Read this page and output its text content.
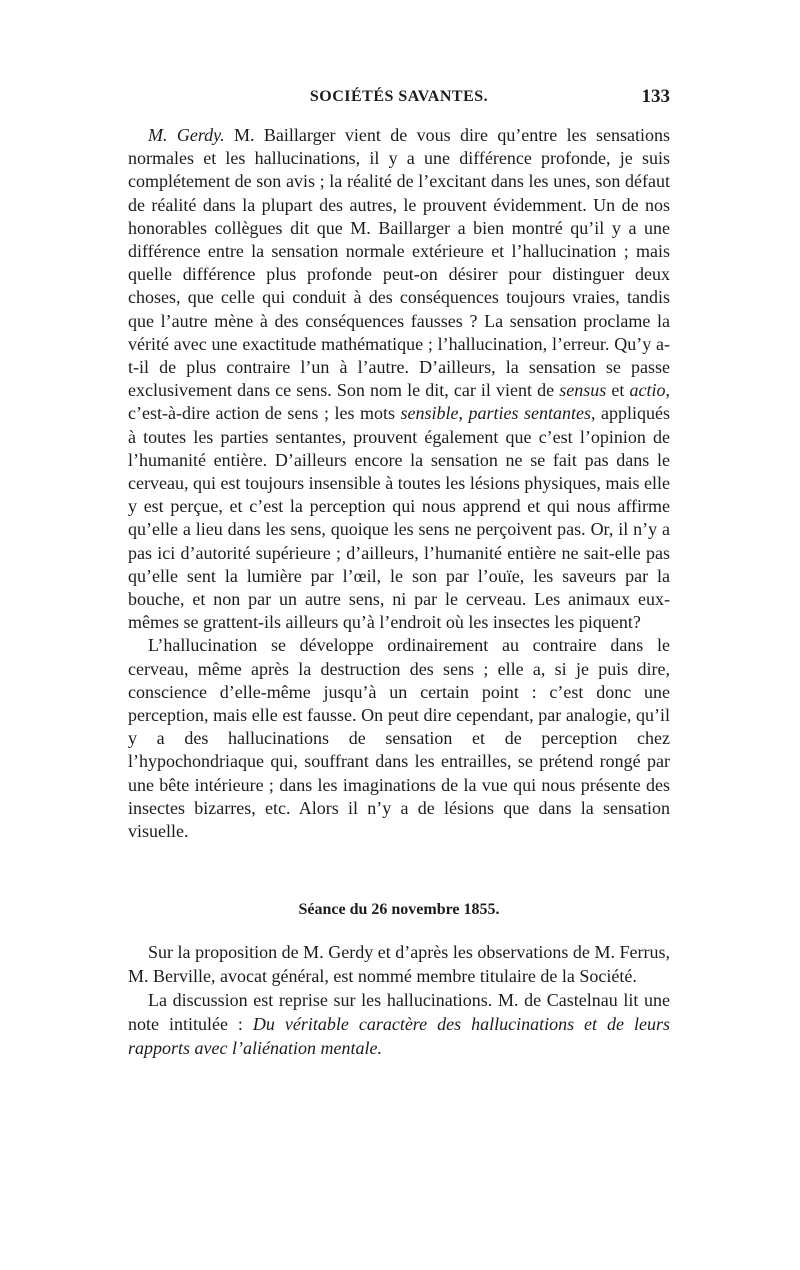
SOCIÉTÉS SAVANTES.	133

M. Gerdy. M. Baillarger vient de vous dire qu’entre les sensations normales et les hallucinations, il y a une différence profonde, je suis complétement de son avis ; la réalité de l’excitant dans les unes, son défaut de réalité dans la plupart des autres, le prouvent évidemment. Un de nos honorables collègues dit que M. Baillarger a bien montré qu’il y a une différence entre la sensation normale extérieure et l’hallucination ; mais quelle différence plus profonde peut-on désirer pour distinguer deux choses, que celle qui conduit à des conséquences toujours vraies, tandis que l’autre mène à des conséquences fausses ? La sensation proclame la vérité avec une exactitude mathématique ; l’hallucination, l’erreur. Qu’y a-t-il de plus contraire l’un à l’autre. D’ailleurs, la sensation se passe exclusivement dans ce sens. Son nom le dit, car il vient de sensus et actio, c’est-à-dire action de sens ; les mots sensible, parties sentantes, appliqués à toutes les parties sentantes, prouvent également que c’est l’opinion de l’humanité entière. D’ailleurs encore la sensation ne se fait pas dans le cerveau, qui est toujours insensible à toutes les lésions physiques, mais elle y est perçue, et c’est la perception qui nous apprend et qui nous affirme qu’elle a lieu dans les sens, quoique les sens ne perçoivent pas. Or, il n’y a pas ici d’autorité supérieure ; d’ailleurs, l’humanité entière ne sait-elle pas qu’elle sent la lumière par l’œil, le son par l’ouïe, les saveurs par la bouche, et non par un autre sens, ni par le cerveau. Les animaux eux-mêmes se grattent-ils ailleurs qu’à l’endroit où les insectes les piquent?

L’hallucination se développe ordinairement au contraire dans le cerveau, même après la destruction des sens ; elle a, si je puis dire, conscience d’elle-même jusqu’à un certain point : c’est donc une perception, mais elle est fausse. On peut dire cependant, par analogie, qu’il y a des hallucinations de sensation et de perception chez l’hypochondriaque qui, souffrant dans les entrailles, se prétend rongé par une bête intérieure ; dans les imaginations de la vue qui nous présente des insectes bizarres, etc. Alors il n’y a de lésions que dans la sensation visuelle.

Séance du 26 novembre 1855.

Sur la proposition de M. Gerdy et d’après les observations de M. Ferrus, M. Berville, avocat général, est nommé membre titulaire de la Société.

La discussion est reprise sur les hallucinations. M. de Castelnau lit une note intitulée : Du véritable caractère des hallucinations et de leurs rapports avec l’aliénation mentale.
